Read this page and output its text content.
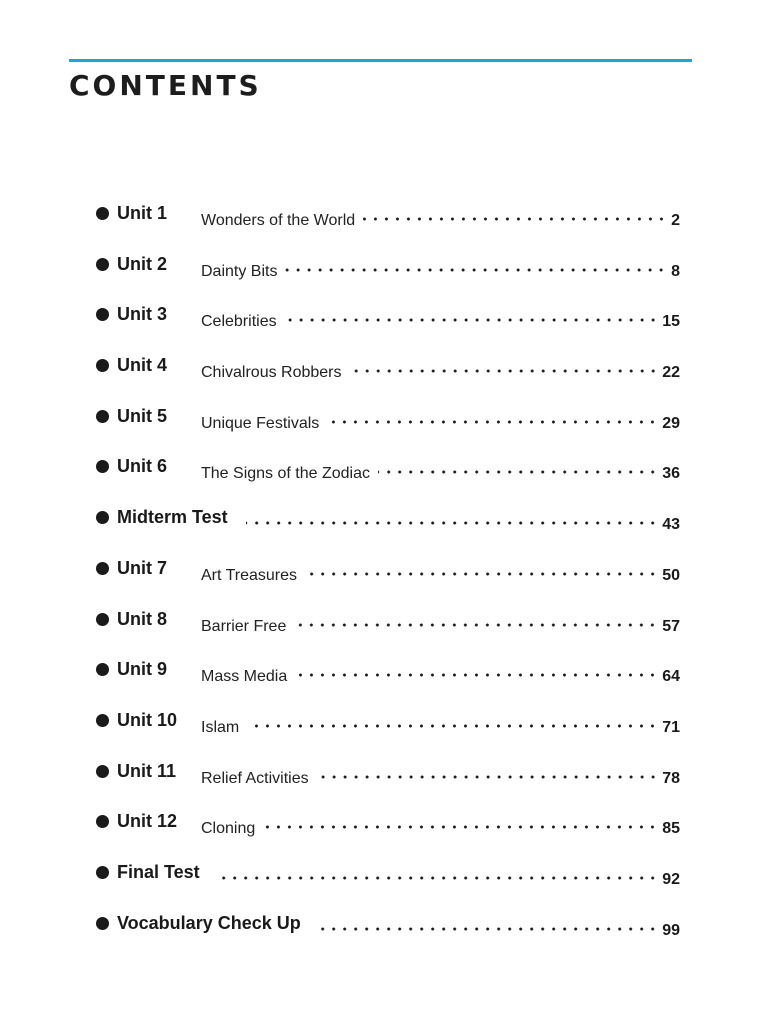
CONTENTS
Unit 1 Wonders of the World	2
Unit 2 Dainty Bits	8
Unit 3 Celebrities	15
Unit 4 Chivalrous Robbers	22
Unit 5 Unique Festivals	29
Unit 6 The Signs of the Zodiac	36
Midterm Test	43
Unit 7 Art Treasures	50
Unit 8 Barrier Free	57
Unit 9 Mass Media	64
Unit 10 Islam	71
Unit 11 Relief Activities	78
Unit 12 Cloning	85
Final Test	92
Vocabulary Check Up	99
